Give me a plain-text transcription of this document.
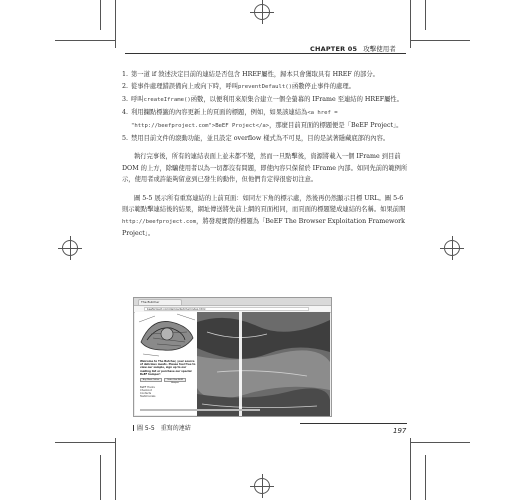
CHAPTER 05 攻擊使用者
1. 第一道 if 敘述決定目前的連結是否包含 HREF屬性，歸本只會獲取具有 HREF 的部分。
2. 從事件處理錯誤備向上或向下時，呼叫preventDefault()函數停止事件的處理。
3. 呼叫createIframe()函數，以便利用來原集合建立一個全螢幕的 IFrame 至連結的 HREF屬性。
4. 利用攔點標籤的內容更新上的頁面的標題，例如，如果該連結為<a href = "http://beefproject.com">BeEF Project</a>，那麼目前頁面的標題便是「BeEF Project」。
5. 禁用目前文件的滾動功能，並且設定 overflow 樣式為不可見，目的是試著隱藏底部的內容。

執行完事後，所有的連結表面上並未都不變，然而一旦點擊後，資源將載入一個 IFrame 到目前 DOM 的上方，除騙使用者以為一切都沒有問題，即使內容只保留於 IFrame 內部。如同先前的範例所示，使用者或許能夠留意到已發生的動作，但他們肯定得很密切注意。

圖 5-5 展示所有重寫連結的上前頁面：如同左下角的標示處，然後再仍然顯示目標 URL。圖 5-6 則示範點擊連結後的結果，網址傳送將先前上網的頁面相同，而頁面的標題變成連結的名稱。如果前開http://beefproject.com，將發現實際的標題為「BeEF The Browser Exploitation Framework Project」。

The Butcher
beefproject.com/demos/butcher/index.html
Welcome to The Butcher, your source of delicious meats. Please feel free to view our sample, sign up to our mailing list or purchase our special BeEF hamper!
Buy Meat Online	Order Your BeEF Hamper
BeEF Hooks
Checkout
Contacts
Testimonials
圖 5-5　重寫的連結	197
